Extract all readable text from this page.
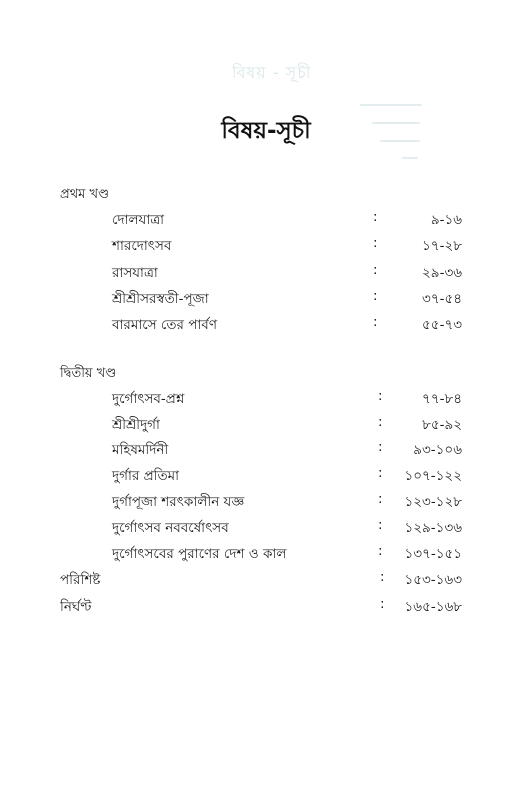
বিষয় - সূচী
বিষয়-সূচী
প্রথম খণ্ড
দোলযাত্রা	:	৯-১৬
শারদোৎসব	:	১৭-২৮
রাসযাত্রা	:	২৯-৩৬
শ্রীশ্রীসরস্বতী-পূজা	:	৩৭-৫৪
বারমাসে তের পার্বণ	:	৫৫-৭৩
দ্বিতীয় খণ্ড
দুর্গোৎসব-প্রশ্ন	:	৭৭-৮৪
শ্রীশ্রীদুর্গা	:	৮৫-৯২
মহিষমর্দিনী	: ৯৩-১০৬
দুর্গার প্রতিমা	: ১০৭-১২২
দুর্গাপূজা শরৎকালীন যজ্ঞ	: ১২৩-১২৮
দুর্গোৎসব নববর্ষোৎসব	: ১২৯-১৩৬
দুর্গোৎসবের পুরাণের দেশ ও কাল	: ১৩৭-১৫১
পরিশিষ্ট	: ১৫৩-১৬৩
নির্ঘণ্ট	: ১৬৫-১৬৮
